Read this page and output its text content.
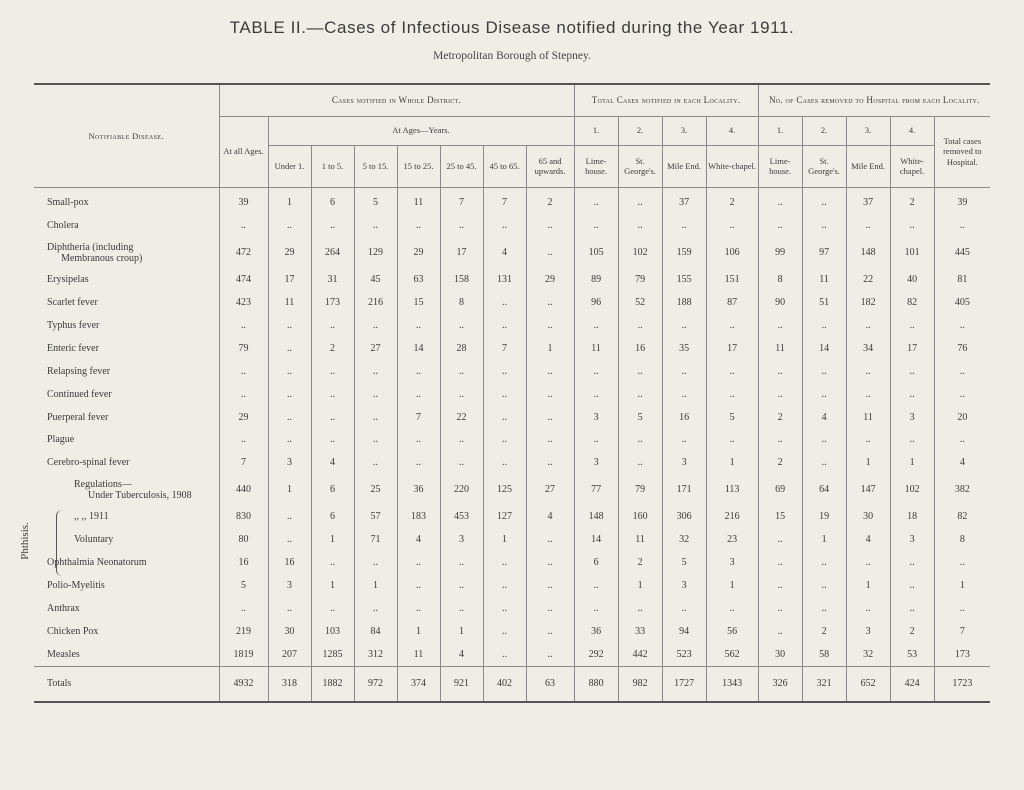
TABLE II.—Cases of Infectious Disease notified during the Year 1911.
Metropolitan Borough of Stepney.
Notifiable Disease.	Cases notified in Whole District.								Total Cases notified in each Locality.				No. of Cases removed to Hospital from each Locality.				
	At all Ages.	At Ages—Years.							1.	2.	3.	4.	1.	2.	3.	4.	Total cases removed to Hospital.
		Under 1.	1 to 5.	5 to 15.	15 to 25.	25 to 45.	45 to 65.	65 and upwards.	Lime-house.	St. George's.	Mile End.	White-chapel.	Lime-house.	St. George's.	Mile End.	White-chapel.	

Small-pox	39	1	6	5	11	7	7	2	..	..	37	2	..	..	37	2	39

Cholera	..	..	..	..	..	..	..	..	..	..	..	..	..	..	..	..	..

Diphtheria (including
Membranous croup)	472	29	264	129	29	17	4	..	105	102	159	106	99	97	148	101	445

Erysipelas	474	17	31	45	63	158	131	29	89	79	155	151	8	11	22	40	81

Scarlet fever	423	11	173	216	15	8	..	..	96	52	188	87	90	51	182	82	405

Typhus fever	..	..	..	..	..	..	..	..	..	..	..	..	..	..	..	..	..

Enteric fever	79	..	2	27	14	28	7	1	11	16	35	17	11	14	34	17	76

Relapsing fever	..	..	..	..	..	..	..	..	..	..	..	..	..	..	..	..	..

Continued fever	..	..	..	..	..	..	..	..	..	..	..	..	..	..	..	..	..

Puerperal fever	29	..	..	..	7	22	..	..	3	5	16	5	2	4	11	3	20

Plague	..	..	..	..	..	..	..	..	..	..	..	..	..	..	..	..	..

Cerebro-spinal fever	7	3	4	..	..	..	..	..	3	..	3	1	2	..	1	1	4

Regulations—
Under Tuberculosis, 1908	440	1	6	25	36	220	125	27	77	79	171	113	69	64	147	102	382

,, ,, 1911	830	..	6	57	183	453	127	4	148	160	306	216	15	19	30	18	82

Voluntary	80	..	1	71	4	3	1	..	14	11	32	23	..	1	4	3	8

Ophthalmia Neonatorum	16	16	..	..	..	..	..	..	6	2	5	3	..	..	..	..	..

Polio-Myelitis	5	3	1	1	..	..	..	..	..	1	3	1	..	..	1	..	1

Anthrax	..	..	..	..	..	..	..	..	..	..	..	..	..	..	..	..	..

Chicken Pox	219	30	103	84	1	1	..	..	36	33	94	56	..	2	3	2	7

Measles	1819	207	1285	312	11	4	..	..	292	442	523	562	30	58	32	53	173

Totals	4932	318	1882	972	374	921	402	63	880	982	1727	1343	326	321	652	424	1723
Phthisis.
